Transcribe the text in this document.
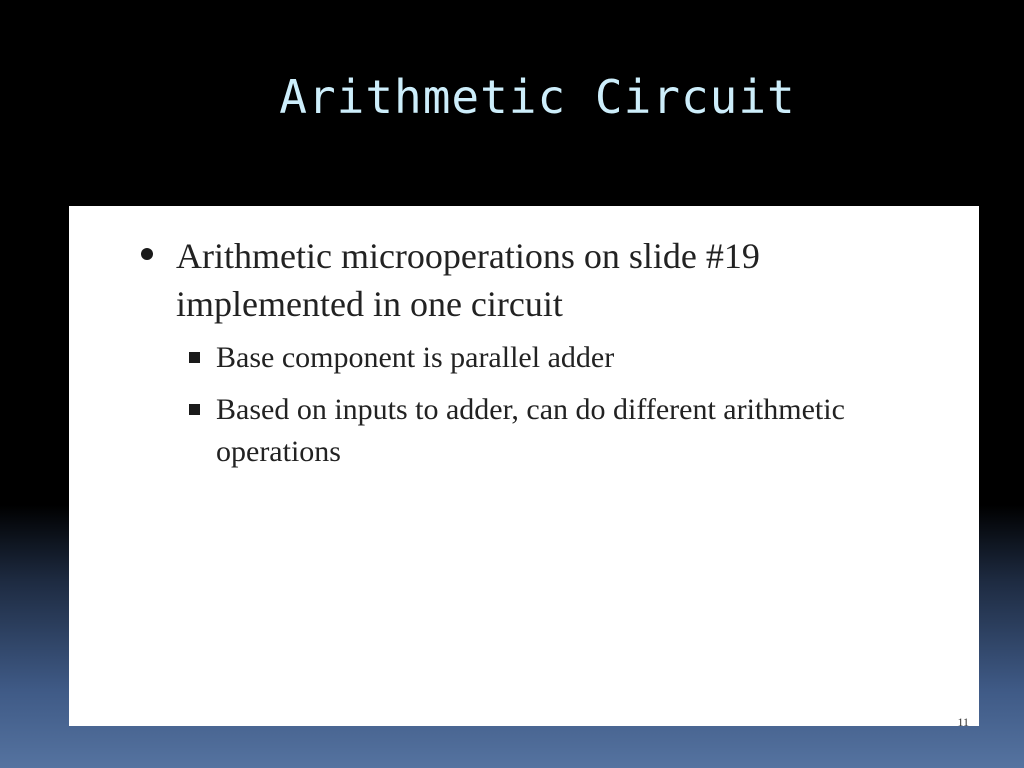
Arithmetic Circuit
Arithmetic microoperations on slide #19 implemented in one circuit
Base component is parallel adder
Based on inputs to adder, can do different arithmetic operations
11
